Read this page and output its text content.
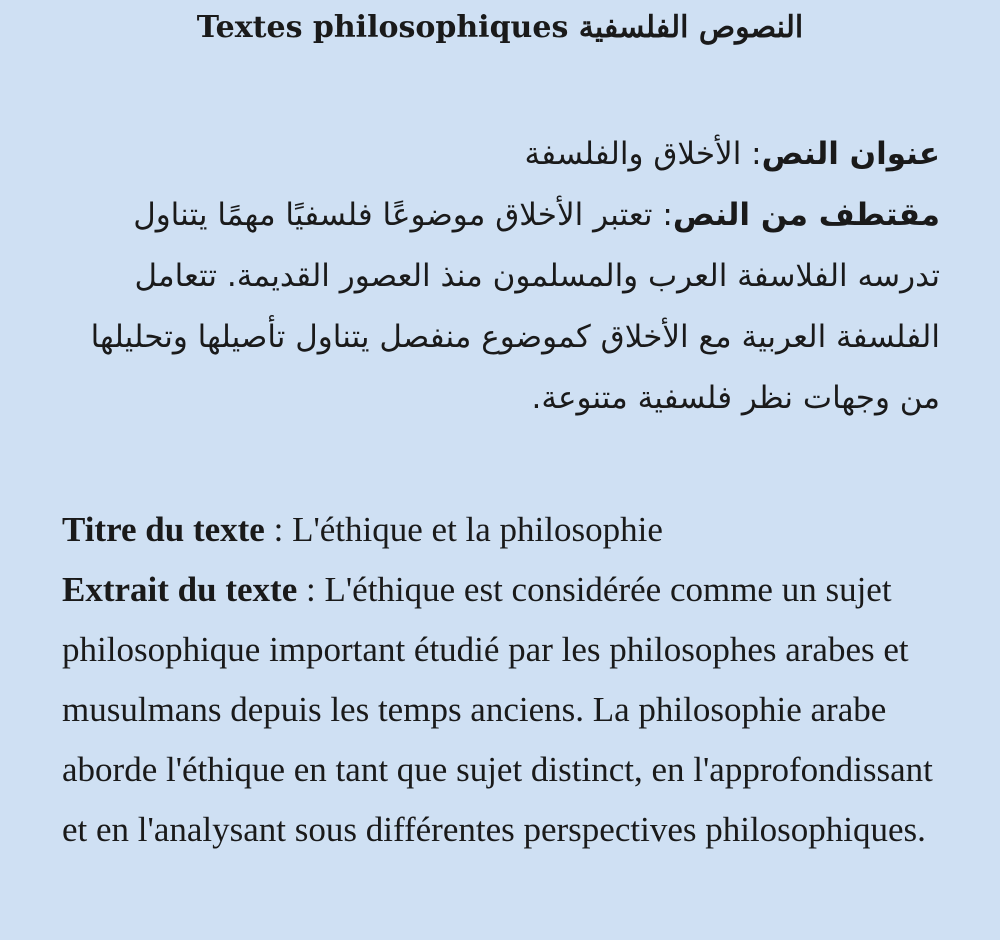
Textes philosophiques النصوص الفلسفية

عنوان النص: الأخلاق والفلسفة

مقتطف من النص: تعتبر الأخلاق موضوعًا فلسفيًا مهمًا يتناول تدرسه الفلاسفة العرب والمسلمون منذ العصور القديمة. تتعامل الفلسفة العربية مع الأخلاق كموضوع منفصل يتناول تأصيلها وتحليلها من وجهات نظر فلسفية متنوعة.

Titre du texte : L'éthique et la philosophie

Extrait du texte : L'éthique est considérée comme un sujet philosophique important étudié par les philosophes arabes et musulmans depuis les temps anciens. La philosophie arabe aborde l'éthique en tant que sujet distinct, en l'approfondissant et en l'analysant sous différentes perspectives philosophiques.
